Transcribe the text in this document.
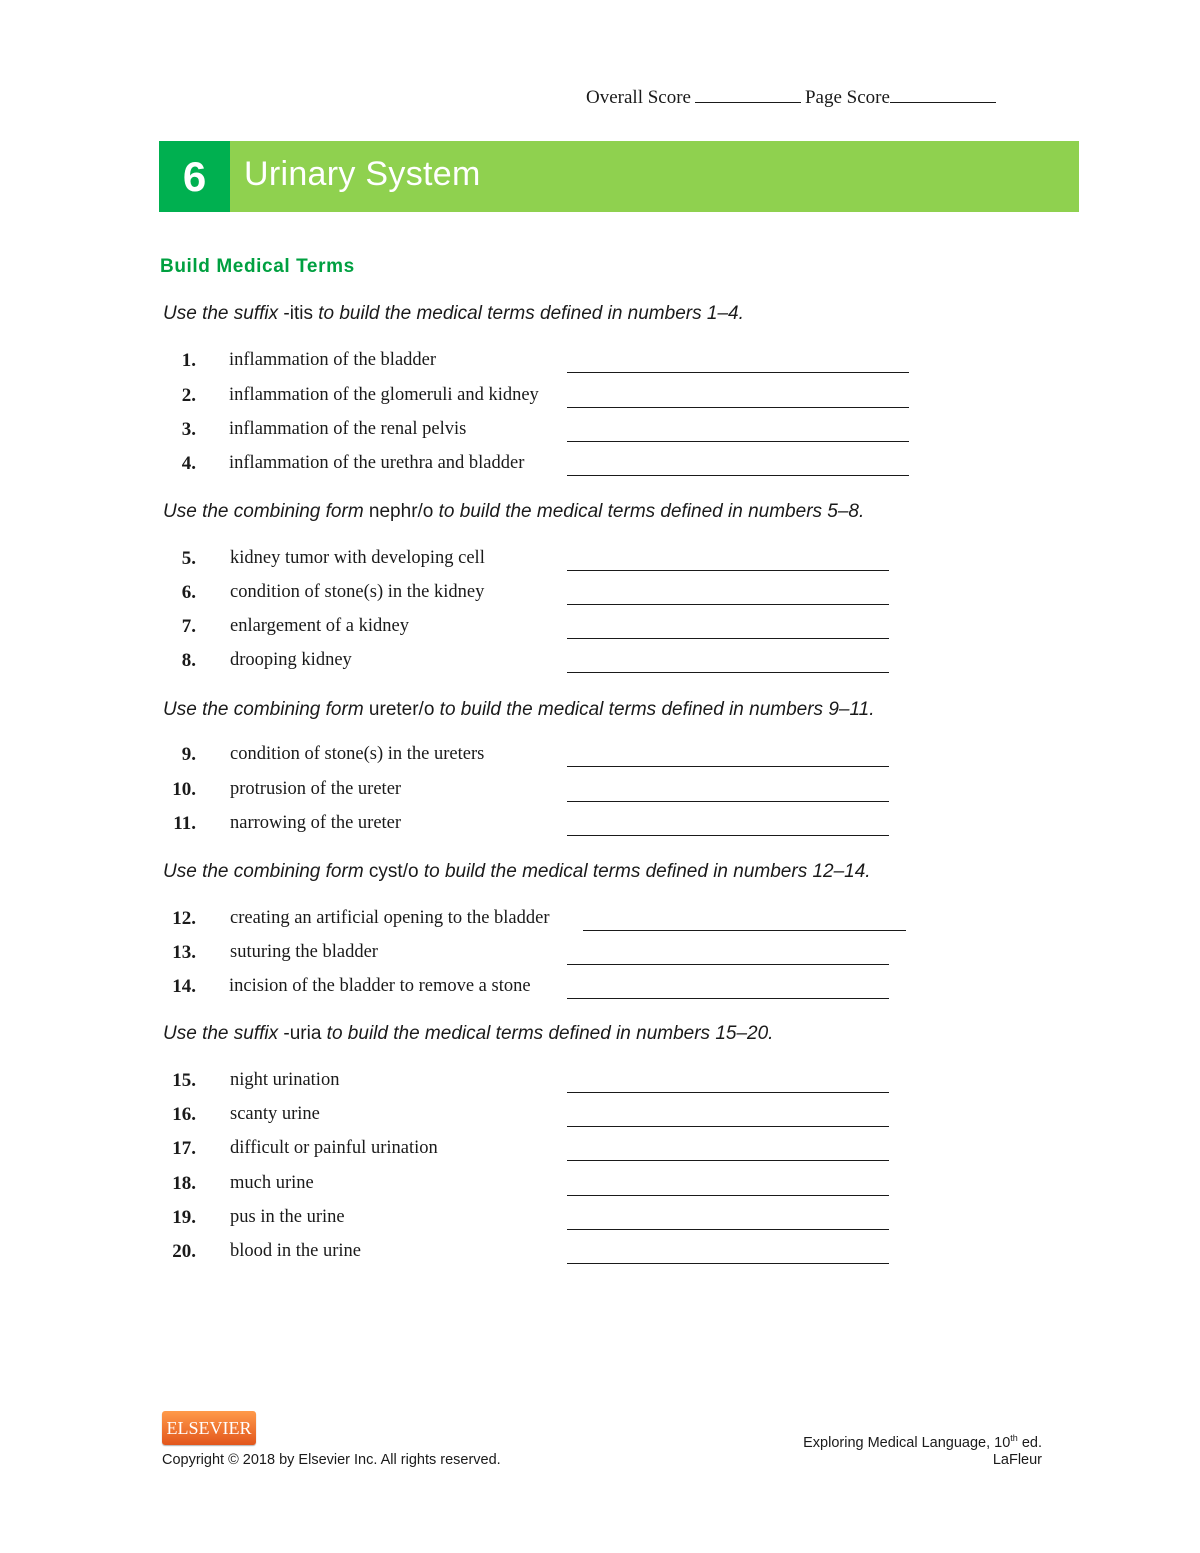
Overall Score	Page Score
6	Urinary System
Build Medical Terms
Use the suffix -itis to build the medical terms defined in numbers 1–4.
1. inflammation of the bladder
2. inflammation of the glomeruli and kidney
3. inflammation of the renal pelvis
4. inflammation of the urethra and bladder
Use the combining form nephr/o to build the medical terms defined in numbers 5–8.
5. kidney tumor with developing cell
6. condition of stone(s) in the kidney
7. enlargement of a kidney
8. drooping kidney
Use the combining form ureter/o to build the medical terms defined in numbers 9–11.
9. condition of stone(s) in the ureters
10. protrusion of the ureter
11. narrowing of the ureter
Use the combining form cyst/o to build the medical terms defined in numbers 12–14.
12. creating an artificial opening to the bladder
13. suturing the bladder
14. incision of the bladder to remove a stone
Use the suffix -uria to build the medical terms defined in numbers 15–20.
15. night urination
16. scanty urine
17. difficult or painful urination
18. much urine
19. pus in the urine
20. blood in the urine
ELSEVIER
Copyright © 2018 by Elsevier Inc. All rights reserved.
Exploring Medical Language, 10th ed.
LaFleur
